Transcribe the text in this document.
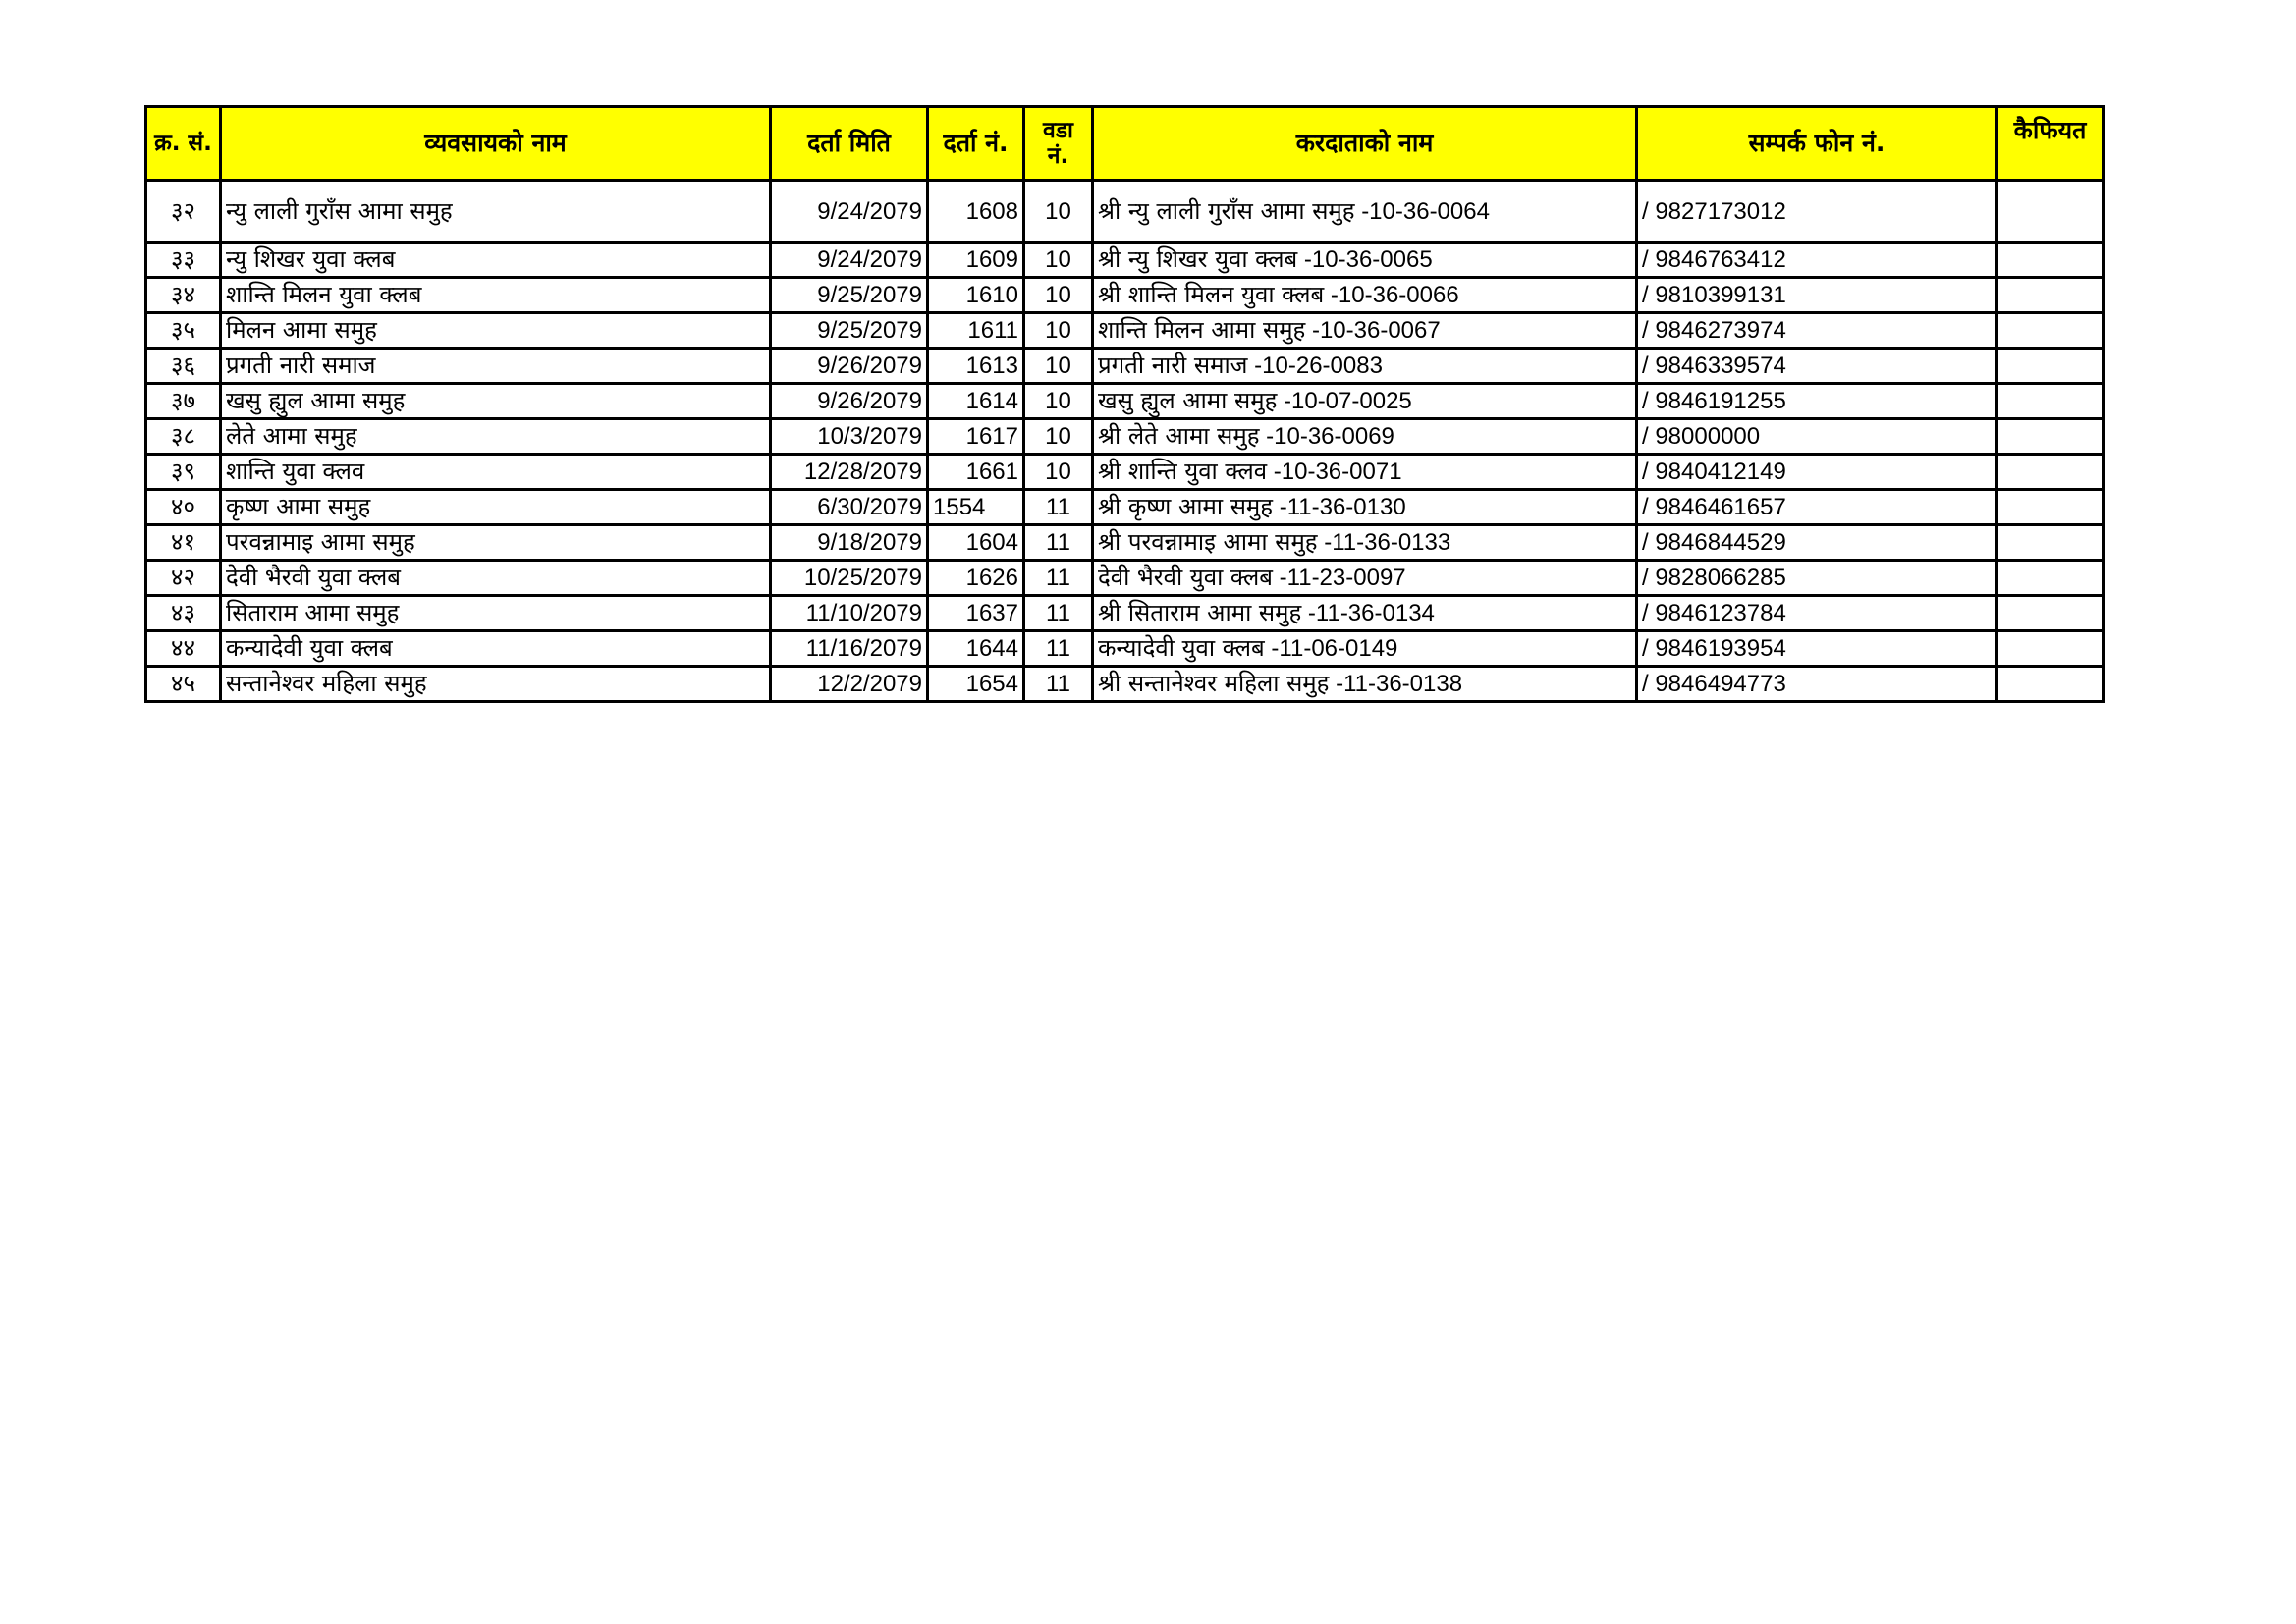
क्र. सं.	व्यवसायको नाम	दर्ता मिति	दर्ता नं.	वडा नं.	करदाताको नाम	सम्पर्क फोन नं.	कैफियत
३२	न्यु लाली गुराँस आमा समुह	9/24/2079	1608	10	श्री न्यु लाली गुराँस आमा समुह -10-36-0064	/ 9827173012	
३३	न्यु शिखर युवा क्लब	9/24/2079	1609	10	श्री न्यु शिखर युवा क्लब -10-36-0065	/ 9846763412	
३४	शान्ति मिलन युवा क्लब	9/25/2079	1610	10	श्री शान्ति मिलन युवा क्लब -10-36-0066	/ 9810399131	
३५	मिलन आमा समुह	9/25/2079	1611	10	शान्ति मिलन आमा समुह -10-36-0067	/ 9846273974	
३६	प्रगती नारी समाज	9/26/2079	1613	10	प्रगती नारी समाज -10-26-0083	/ 9846339574	
३७	खसु ह्युल आमा समुह	9/26/2079	1614	10	खसु ह्युल आमा समुह -10-07-0025	/ 9846191255	
३८	लेते आमा समुह	10/3/2079	1617	10	श्री लेते आमा समुह -10-36-0069	/ 98000000	
३९	शान्ति युवा क्लव	12/28/2079	1661	10	श्री शान्ति युवा क्लव -10-36-0071	/ 9840412149	
४०	कृष्ण आमा समुह	6/30/2079	1554	11	श्री कृष्ण आमा समुह -11-36-0130	/ 9846461657	
४१	परवन्नामाइ आमा समुह	9/18/2079	1604	11	श्री परवन्नामाइ आमा समुह -11-36-0133	/ 9846844529	
४२	देवी भैरवी युवा क्लब	10/25/2079	1626	11	देवी भैरवी युवा क्लब -11-23-0097	/ 9828066285	
४३	सिताराम आमा समुह	11/10/2079	1637	11	श्री सिताराम आमा समुह -11-36-0134	/ 9846123784	
४४	कन्यादेवी युवा क्लब	11/16/2079	1644	11	कन्यादेवी युवा क्लब -11-06-0149	/ 9846193954	
४५	सन्तानेश्वर महिला समुह	12/2/2079	1654	11	श्री सन्तानेश्वर महिला समुह -11-36-0138	/ 9846494773	
